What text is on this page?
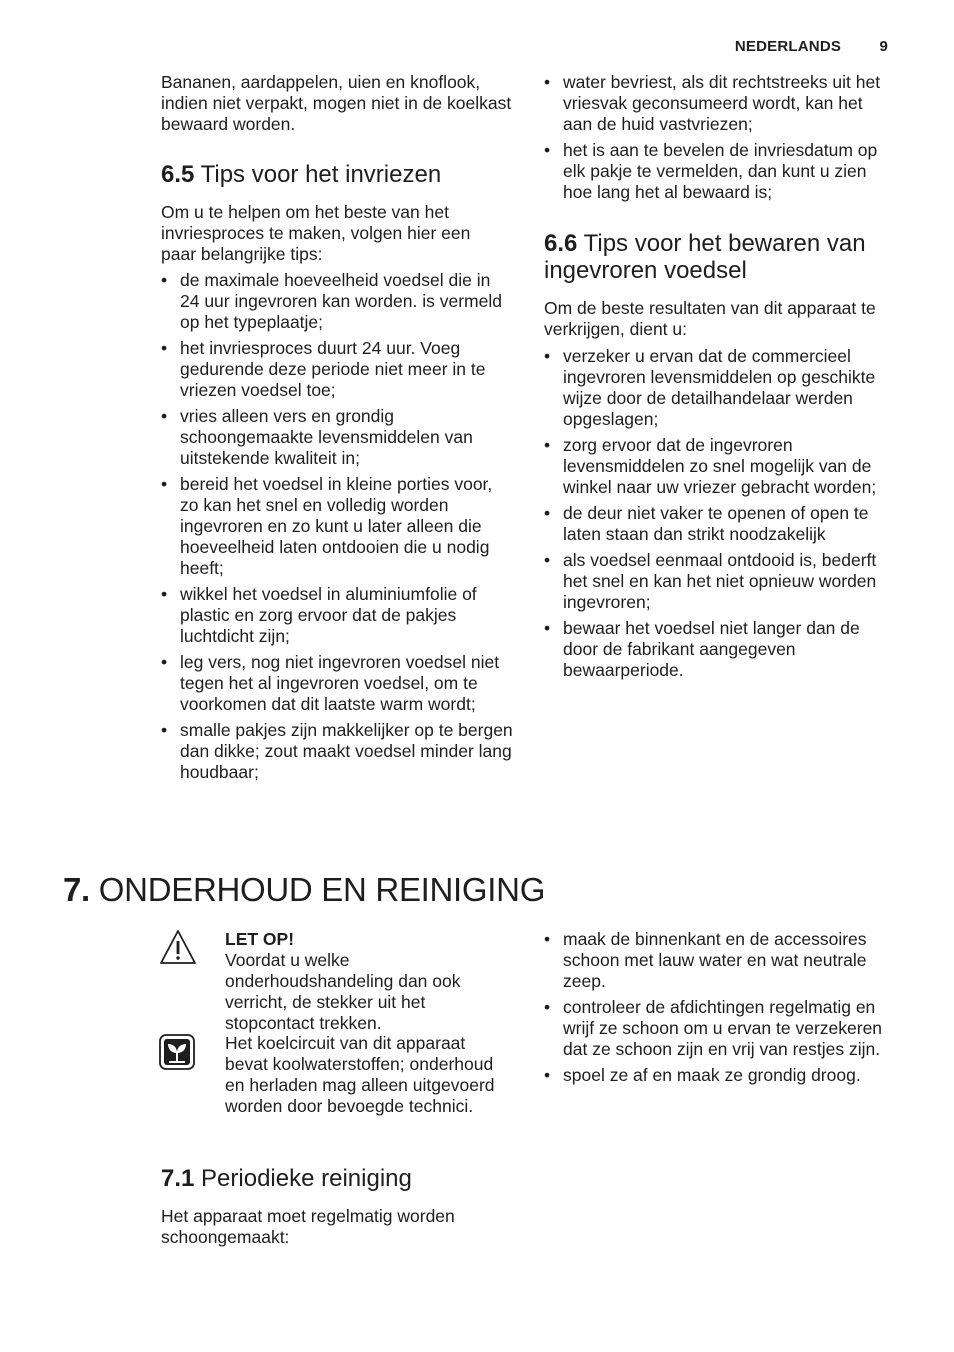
NEDERLANDS	9

Bananen, aardappelen, uien en knoflook, indien niet verpakt, mogen niet in de koelkast bewaard worden.

6.5 Tips voor het invriezen

Om u te helpen om het beste van het invriesproces te maken, volgen hier een paar belangrijke tips:

• de maximale hoeveelheid voedsel die in 24 uur ingevroren kan worden. is vermeld op het typeplaatje;
• het invriesproces duurt 24 uur. Voeg gedurende deze periode niet meer in te vriezen voedsel toe;
• vries alleen vers en grondig schoongemaakte levensmiddelen van uitstekende kwaliteit in;
• bereid het voedsel in kleine porties voor, zo kan het snel en volledig worden ingevroren en zo kunt u later alleen die hoeveelheid laten ontdooien die u nodig heeft;
• wikkel het voedsel in aluminiumfolie of plastic en zorg ervoor dat de pakjes luchtdicht zijn;
• leg vers, nog niet ingevroren voedsel niet tegen het al ingevroren voedsel, om te voorkomen dat dit laatste warm wordt;
• smalle pakjes zijn makkelijker op te bergen dan dikke; zout maakt voedsel minder lang houdbaar;
• water bevriest, als dit rechtstreeks uit het vriesvak geconsumeerd wordt, kan het aan de huid vastvriezen;
• het is aan te bevelen de invriesdatum op elk pakje te vermelden, dan kunt u zien hoe lang het al bewaard is;
6.6 Tips voor het bewaren van
ingevroren voedsel

Om de beste resultaten van dit apparaat te verkrijgen, dient u:

• verzeker u ervan dat de commercieel ingevroren levensmiddelen op geschikte wijze door de detailhandelaar werden opgeslagen;
• zorg ervoor dat de ingevroren levensmiddelen zo snel mogelijk van de winkel naar uw vriezer gebracht worden;
• de deur niet vaker te openen of open te laten staan dan strikt noodzakelijk
• als voedsel eenmaal ontdooid is, bederft het snel en kan het niet opnieuw worden ingevroren;
• bewaar het voedsel niet langer dan de door de fabrikant aangegeven bewaarperiode.
7. ONDERHOUD EN REINIGING

LET OP!

Voordat u welke onderhoudshandeling dan ook verricht, de stekker uit het stopcontact trekken.

Het koelcircuit van dit apparaat bevat koolwaterstoffen; onderhoud en herladen mag alleen uitgevoerd worden door bevoegde technici.

7.1 Periodieke reiniging

Het apparaat moet regelmatig worden schoongemaakt:

• maak de binnenkant en de accessoires schoon met lauw water en wat neutrale zeep.
• controleer de afdichtingen regelmatig en wrijf ze schoon om u ervan te verzekeren dat ze schoon zijn en vrij van restjes zijn.
• spoel ze af en maak ze grondig droog.
